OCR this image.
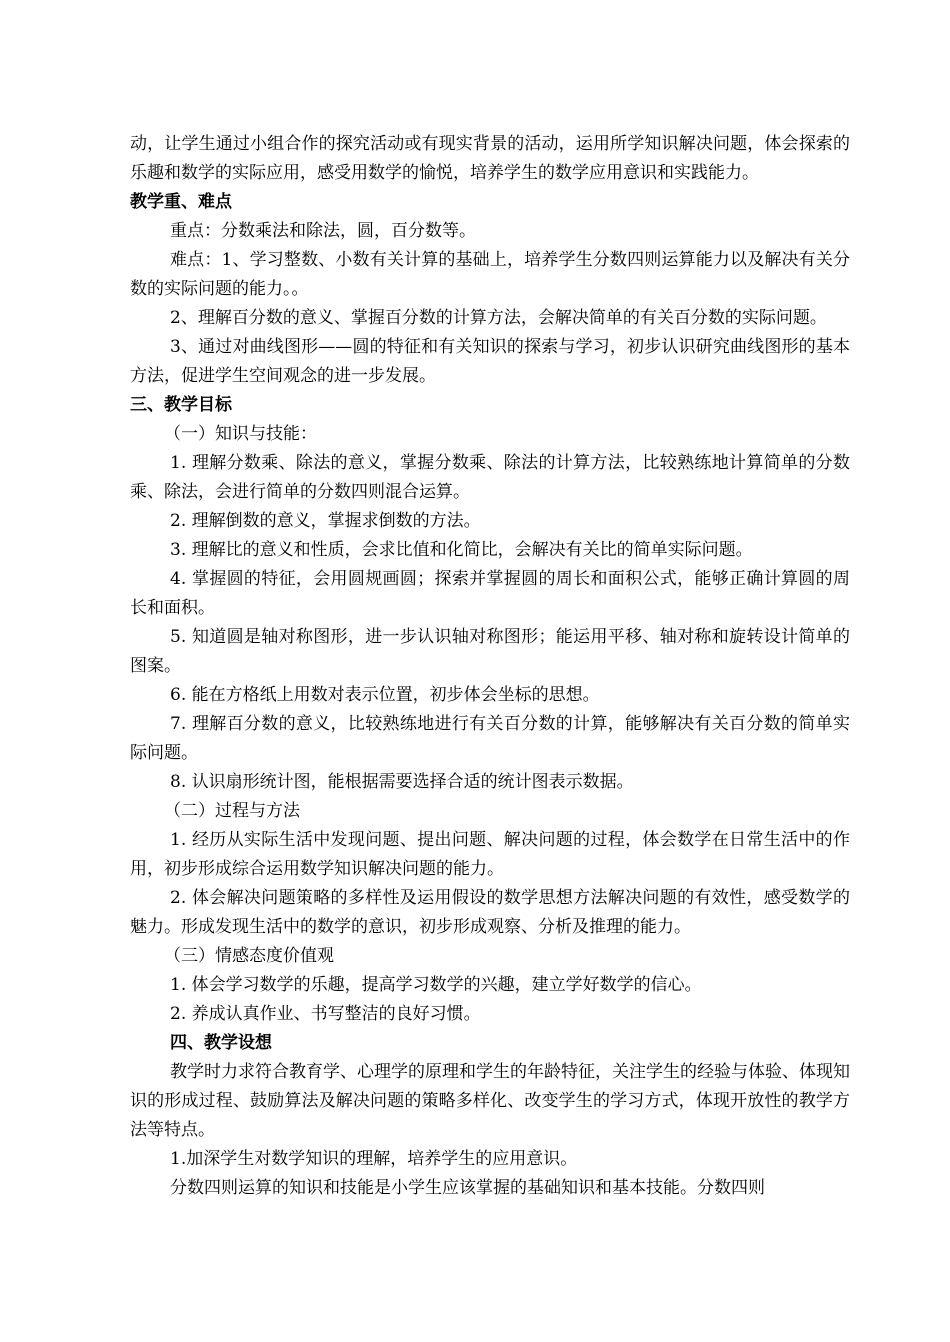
动，让学生通过小组合作的探究活动或有现实背景的活动，运用所学知识解决问题，体会探索的乐趣和数学的实际应用，感受用数学的愉悦，培养学生的数学应用意识和实践能力。

教学重、难点

重点：分数乘法和除法，圆，百分数等。

难点：1、学习整数、小数有关计算的基础上，培养学生分数四则运算能力以及解决有关分数的实际问题的能力。。

2、理解百分数的意义、掌握百分数的计算方法，会解决简单的有关百分数的实际问题。

3、通过对曲线图形——圆的特征和有关知识的探索与学习，初步认识研究曲线图形的基本方法，促进学生空间观念的进一步发展。

三、教学目标

（一）知识与技能：

1. 理解分数乘、除法的意义，掌握分数乘、除法的计算方法，比较熟练地计算简单的分数乘、除法，会进行简单的分数四则混合运算。

2. 理解倒数的意义，掌握求倒数的方法。

3. 理解比的意义和性质，会求比值和化简比，会解决有关比的简单实际问题。

4. 掌握圆的特征，会用圆规画圆；探索并掌握圆的周长和面积公式，能够正确计算圆的周长和面积。

5. 知道圆是轴对称图形，进一步认识轴对称图形；能运用平移、轴对称和旋转设计简单的图案。

6. 能在方格纸上用数对表示位置，初步体会坐标的思想。

7. 理解百分数的意义，比较熟练地进行有关百分数的计算，能够解决有关百分数的简单实际问题。

8. 认识扇形统计图，能根据需要选择合适的统计图表示数据。

（二）过程与方法

1. 经历从实际生活中发现问题、提出问题、解决问题的过程，体会数学在日常生活中的作用，初步形成综合运用数学知识解决问题的能力。

2. 体会解决问题策略的多样性及运用假设的数学思想方法解决问题的有效性，感受数学的魅力。形成发现生活中的数学的意识，初步形成观察、分析及推理的能力。

（三）情感态度价值观

1. 体会学习数学的乐趣，提高学习数学的兴趣，建立学好数学的信心。

2. 养成认真作业、书写整洁的良好习惯。

四、教学设想

教学时力求符合教育学、心理学的原理和学生的年龄特征，关注学生的经验与体验、体现知识的形成过程、鼓励算法及解决问题的策略多样化、改变学生的学习方式，体现开放性的教学方法等特点。

1.加深学生对数学知识的理解，培养学生的应用意识。

分数四则运算的知识和技能是小学生应该掌握的基础知识和基本技能。分数四则
